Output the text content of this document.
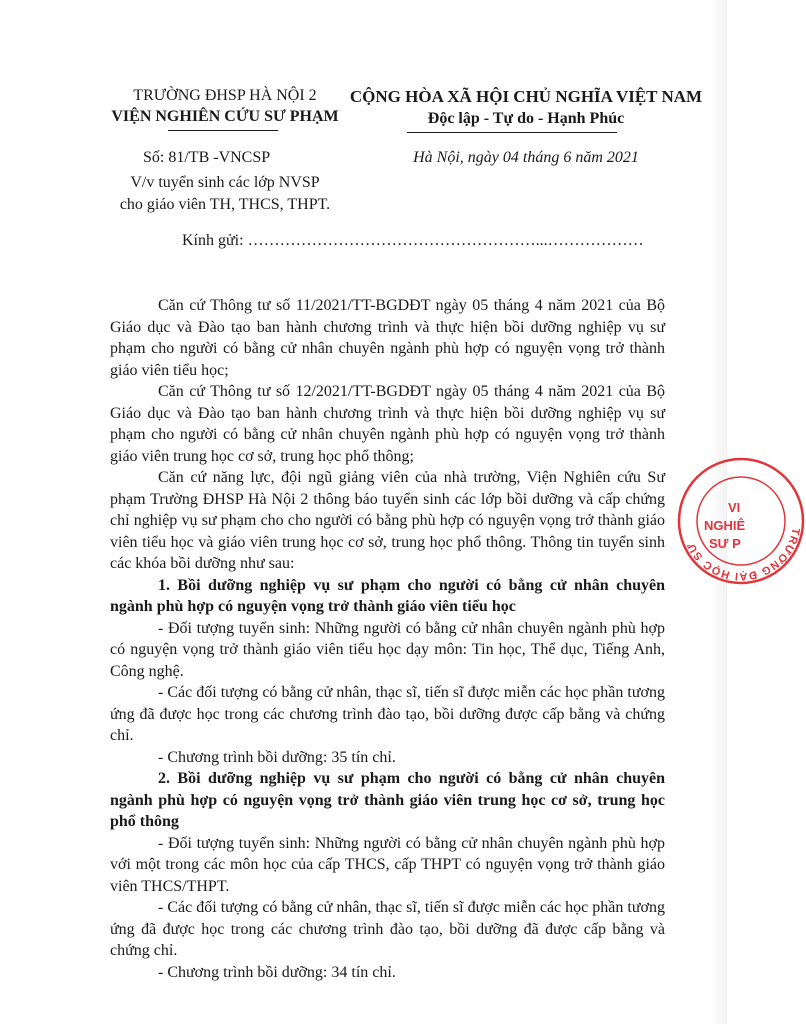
TRƯỜNG ĐHSP HÀ NỘI 2
VIỆN NGHIÊN CỨU SƯ PHẠM
Số: 81/TB -VNCSP
V/v tuyển sinh các lớp NVSP
cho giáo viên TH, THCS, THPT.
CỘNG HÒA XÃ HỘI CHỦ NGHĨA VIỆT NAM
Độc lập - Tự do - Hạnh Phúc
Hà Nội, ngày 04 tháng 6 năm 2021
Kính gửi: ………………………………………………...………………

Căn cứ Thông tư số 11/2021/TT-BGDĐT ngày 05 tháng 4 năm 2021 của Bộ Giáo dục và Đào tạo ban hành chương trình và thực hiện bồi dưỡng nghiệp vụ sư phạm cho người có bằng cử nhân chuyên ngành phù hợp có nguyện vọng trở thành giáo viên tiểu học;

Căn cứ Thông tư số 12/2021/TT-BGDĐT ngày 05 tháng 4 năm 2021 của Bộ Giáo dục và Đào tạo ban hành chương trình và thực hiện bồi dưỡng nghiệp vụ sư phạm cho người có bằng cử nhân chuyên ngành phù hợp có nguyện vọng trở thành giáo viên trung học cơ sở, trung học phổ thông;

Căn cứ năng lực, đội ngũ giảng viên của nhà trường, Viện Nghiên cứu Sư phạm Trường ĐHSP Hà Nội 2 thông báo tuyển sinh các lớp bồi dưỡng và cấp chứng chỉ nghiệp vụ sư phạm cho cho người có bằng phù hợp có nguyện vọng trở thành giáo viên tiểu học và giáo viên trung học cơ sở, trung học phổ thông. Thông tin tuyển sinh các khóa bồi dưỡng như sau:

1. Bồi dưỡng nghiệp vụ sư phạm cho người có bằng cử nhân chuyên ngành phù hợp có nguyện vọng trở thành giáo viên tiểu học

- Đối tượng tuyển sinh: Những người có bằng cử nhân chuyên ngành phù hợp có nguyện vọng trở thành giáo viên tiểu học dạy môn: Tin học, Thể dục, Tiếng Anh, Công nghệ.

- Các đối tượng có bằng cử nhân, thạc sĩ, tiến sĩ được miễn các học phần tương ứng đã được học trong các chương trình đào tạo, bồi dưỡng được cấp bằng và chứng chỉ.

- Chương trình bồi dưỡng: 35 tín chỉ.

2. Bồi dưỡng nghiệp vụ sư phạm cho người có bằng cử nhân chuyên ngành phù hợp có nguyện vọng trở thành giáo viên trung học cơ sở, trung học phổ thông

- Đối tượng tuyển sinh: Những người có bằng cử nhân chuyên ngành phù hợp với một trong các môn học của cấp THCS, cấp THPT có nguyện vọng trở thành giáo viên THCS/THPT.

- Các đối tượng có bằng cử nhân, thạc sĩ, tiến sĩ được miễn các học phần tương ứng đã được học trong các chương trình đào tạo, bồi dưỡng đã được cấp bằng và chứng chỉ.

- Chương trình bồi dưỡng: 34 tín chỉ.

TRƯỜNG ĐẠI HỌC SƯ
VI
NGHIÊ
SƯ P
